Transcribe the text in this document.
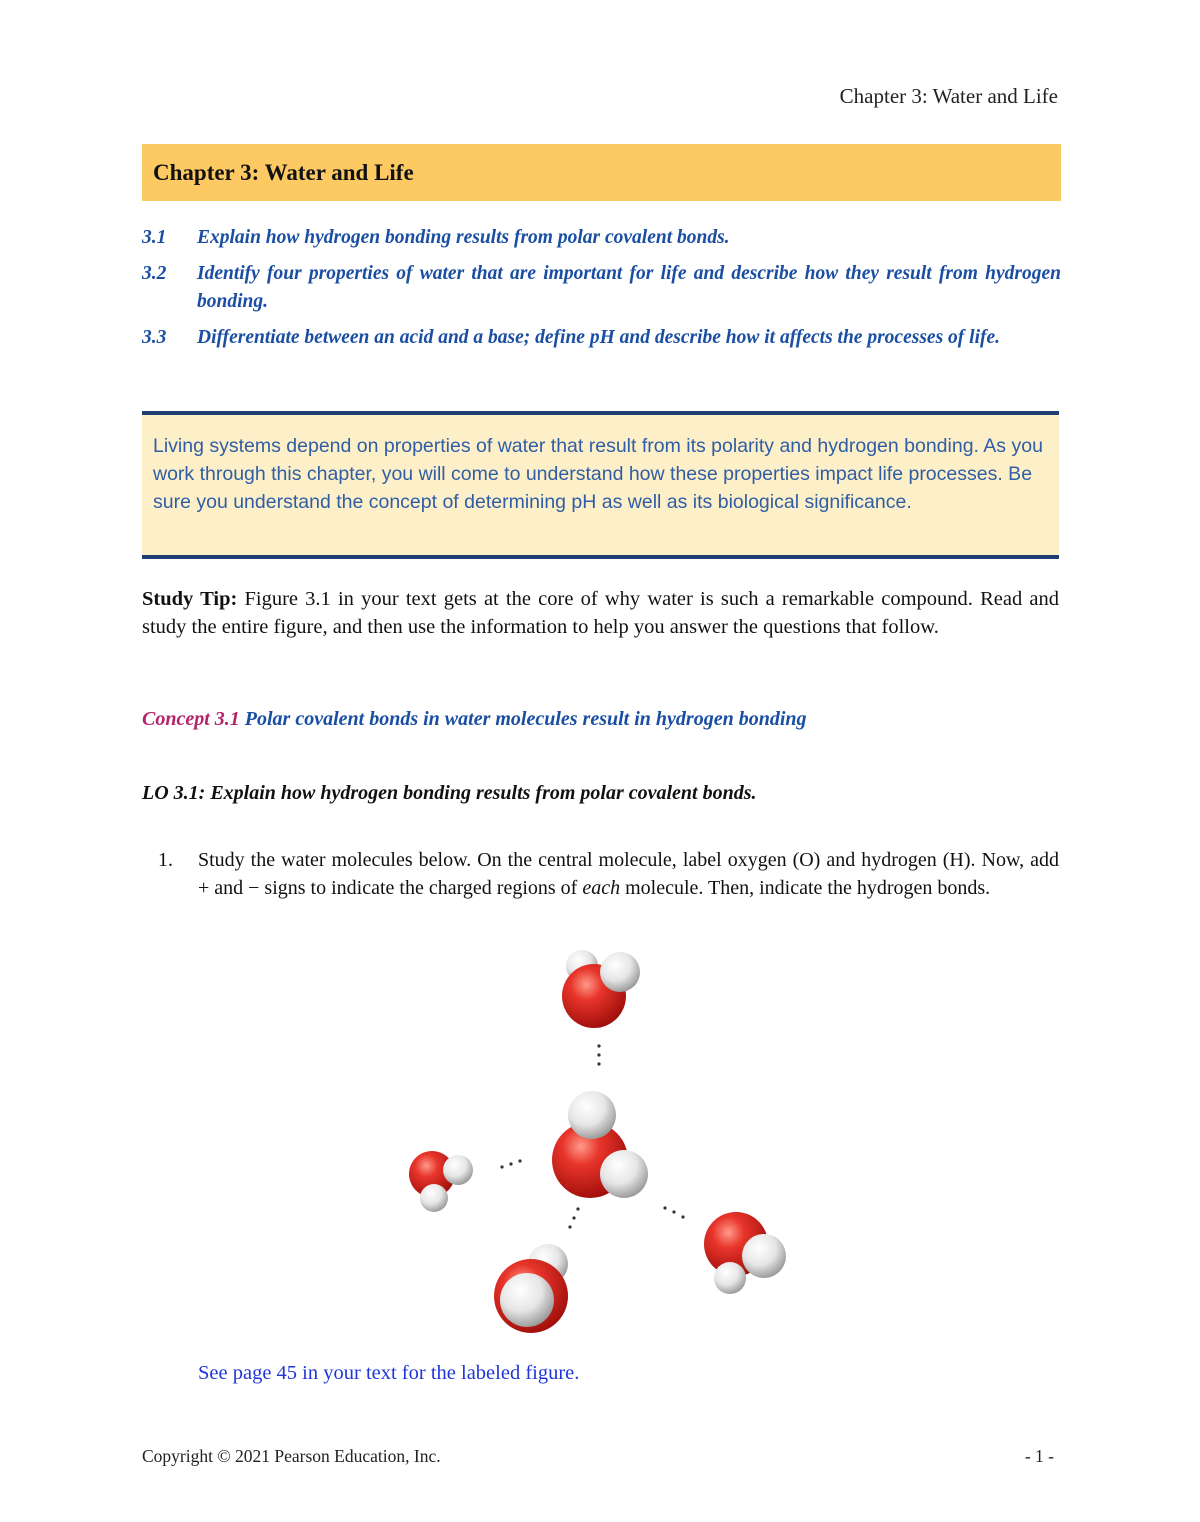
Chapter 3: Water and Life
Chapter 3: Water and Life
3.1	Explain how hydrogen bonding results from polar covalent bonds.
3.2	Identify four properties of water that are important for life and describe how they result from hydrogen bonding.
3.3	Differentiate between an acid and a base; define pH and describe how it affects the processes of life.
Living systems depend on properties of water that result from its polarity and hydrogen bonding. As you work through this chapter, you will come to understand how these properties impact life processes. Be sure you understand the concept of determining pH as well as its biological significance.
Study Tip: Figure 3.1 in your text gets at the core of why water is such a remarkable compound. Read and study the entire figure, and then use the information to help you answer the questions that follow.
Concept 3.1 Polar covalent bonds in water molecules result in hydrogen bonding
LO 3.1: Explain how hydrogen bonding results from polar covalent bonds.
1.	Study the water molecules below. On the central molecule, label oxygen (O) and hydrogen (H). Now, add + and − signs to indicate the charged regions of each molecule. Then, indicate the hydrogen bonds.
See page 45 in your text for the labeled figure.
Copyright © 2021 Pearson Education, Inc.	- 1 -
